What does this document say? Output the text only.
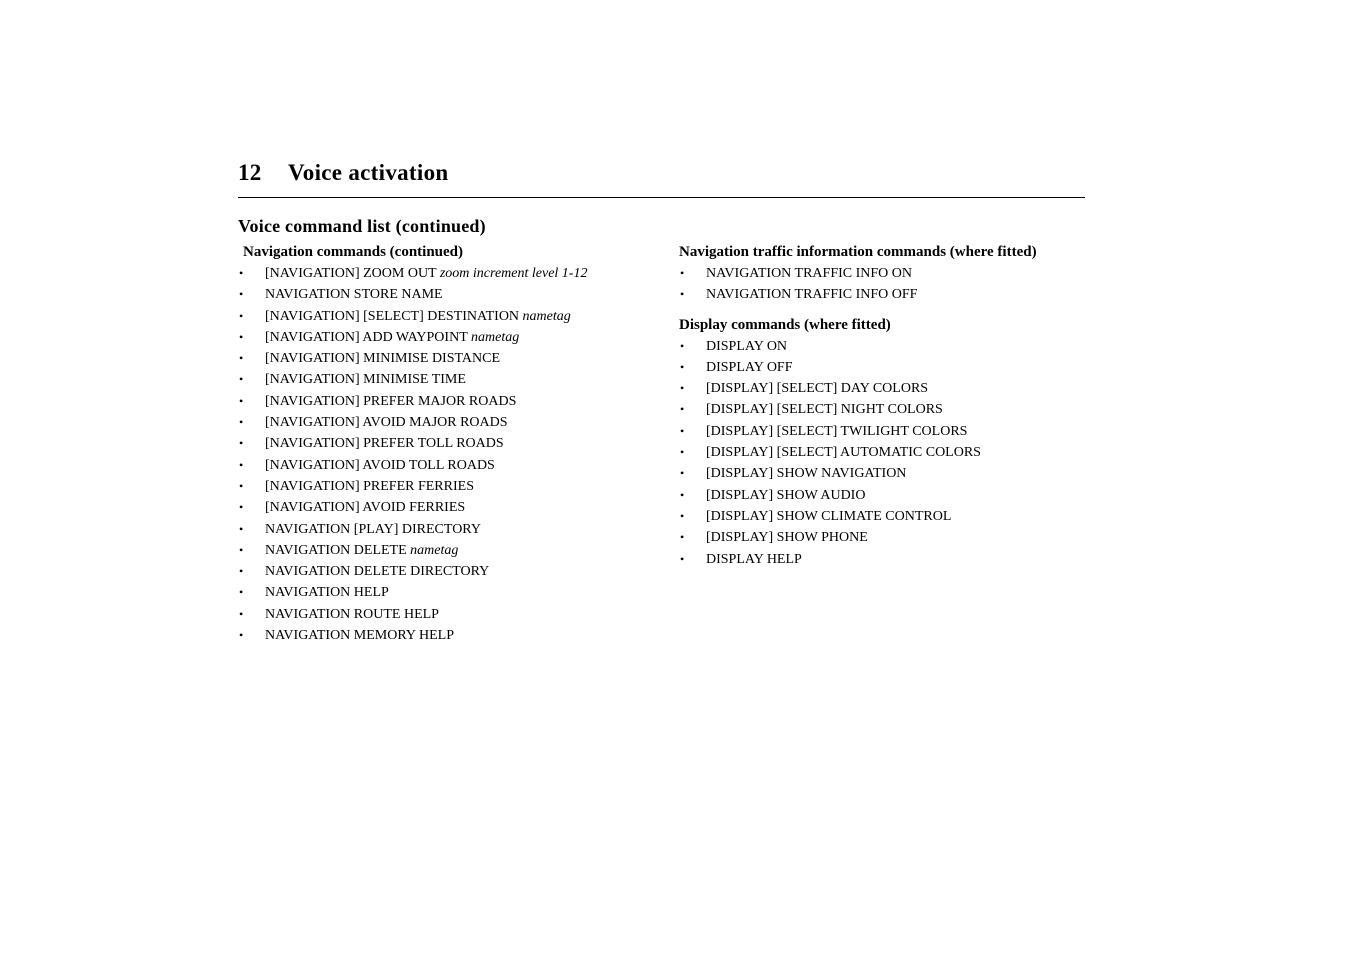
12 Voice activation
Voice command list (continued)
Navigation commands (continued)
• [NAVIGATION] ZOOM OUT zoom increment level 1-12
• NAVIGATION STORE NAME
• [NAVIGATION] [SELECT] DESTINATION nametag
• [NAVIGATION] ADD WAYPOINT nametag
• [NAVIGATION] MINIMISE DISTANCE
• [NAVIGATION] MINIMISE TIME
• [NAVIGATION] PREFER MAJOR ROADS
• [NAVIGATION] AVOID MAJOR ROADS
• [NAVIGATION] PREFER TOLL ROADS
• [NAVIGATION] AVOID TOLL ROADS
• [NAVIGATION] PREFER FERRIES
• [NAVIGATION] AVOID FERRIES
• NAVIGATION [PLAY] DIRECTORY
• NAVIGATION DELETE nametag
• NAVIGATION DELETE DIRECTORY
• NAVIGATION HELP
• NAVIGATION ROUTE HELP
• NAVIGATION MEMORY HELP
Navigation traffic information commands (where fitted)
• NAVIGATION TRAFFIC INFO ON
• NAVIGATION TRAFFIC INFO OFF
Display commands (where fitted)
• DISPLAY ON
• DISPLAY OFF
• [DISPLAY] [SELECT] DAY COLORS
• [DISPLAY] [SELECT] NIGHT COLORS
• [DISPLAY] [SELECT] TWILIGHT COLORS
• [DISPLAY] [SELECT] AUTOMATIC COLORS
• [DISPLAY] SHOW NAVIGATION
• [DISPLAY] SHOW AUDIO
• [DISPLAY] SHOW CLIMATE CONTROL
• [DISPLAY] SHOW PHONE
• DISPLAY HELP
